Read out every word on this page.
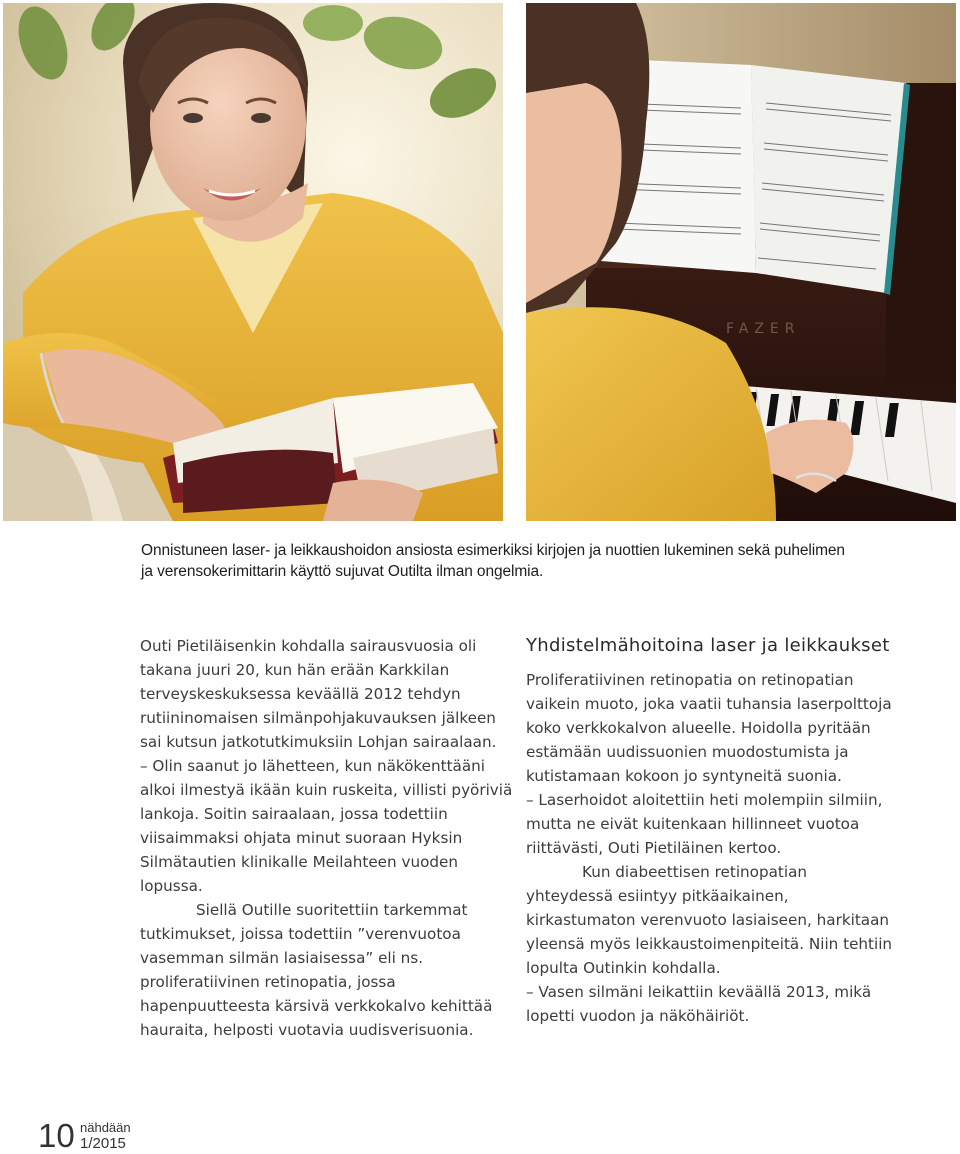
FAZER
Onnistuneen laser- ja leikkaushoidon ansiosta esimerkiksi kirjojen ja nuottien lukeminen sekä puhelimen
ja verensokerimittarin käyttö sujuvat Outilta ilman ongelmia.

Outi Pietiläisenkin kohdalla sairausvuosia oli takana juuri 20, kun hän erään Karkkilan terveyskeskuksessa keväällä 2012 tehdyn rutiininomaisen silmänpohjakuvauksen jälkeen sai kutsun jatkotutkimuksiin Lohjan sairaalaan.

– Olin saanut jo lähetteen, kun näkökenttääni alkoi ilmestyä ikään kuin ruskeita, villisti pyöriviä lankoja. Soitin sairaalaan, jossa todettiin viisaimmaksi ohjata minut suoraan Hyksin Silmätautien klinikalle Meilahteen vuoden lopussa.

Siellä Outille suoritettiin tarkemmat tutkimukset, joissa todettiin ”verenvuotoa vasemman silmän lasiaisessa” eli ns. proliferatiivinen retinopatia, jossa hapenpuutteesta kärsivä verkkokalvo kehittää hauraita, helposti vuotavia uudisverisuonia.

Yhdistelmähoitoina laser ja leikkaukset

Proliferatiivinen retinopatia on retinopatian vaikein muoto, joka vaatii tuhansia laserpolttoja koko verkkokalvon alueelle. Hoidolla pyritään estämään uudissuonien muodostumista ja kutistamaan kokoon jo syntyneitä suonia.

– Laserhoidot aloitettiin heti molempiin silmiin, mutta ne eivät kuitenkaan hillinneet vuotoa riittävästi, Outi Pietiläinen kertoo.

Kun diabeettisen retinopatian yhteydessä esiintyy pitkäaikainen, kirkastumaton verenvuoto lasiaiseen, harkitaan yleensä myös leikkaustoimenpiteitä. Niin tehtiin lopulta Outinkin kohdalla.

– Vasen silmäni leikattiin keväällä 2013, mikä lopetti vuodon ja näköhäiriöt.

10 nähdään
1/2015
